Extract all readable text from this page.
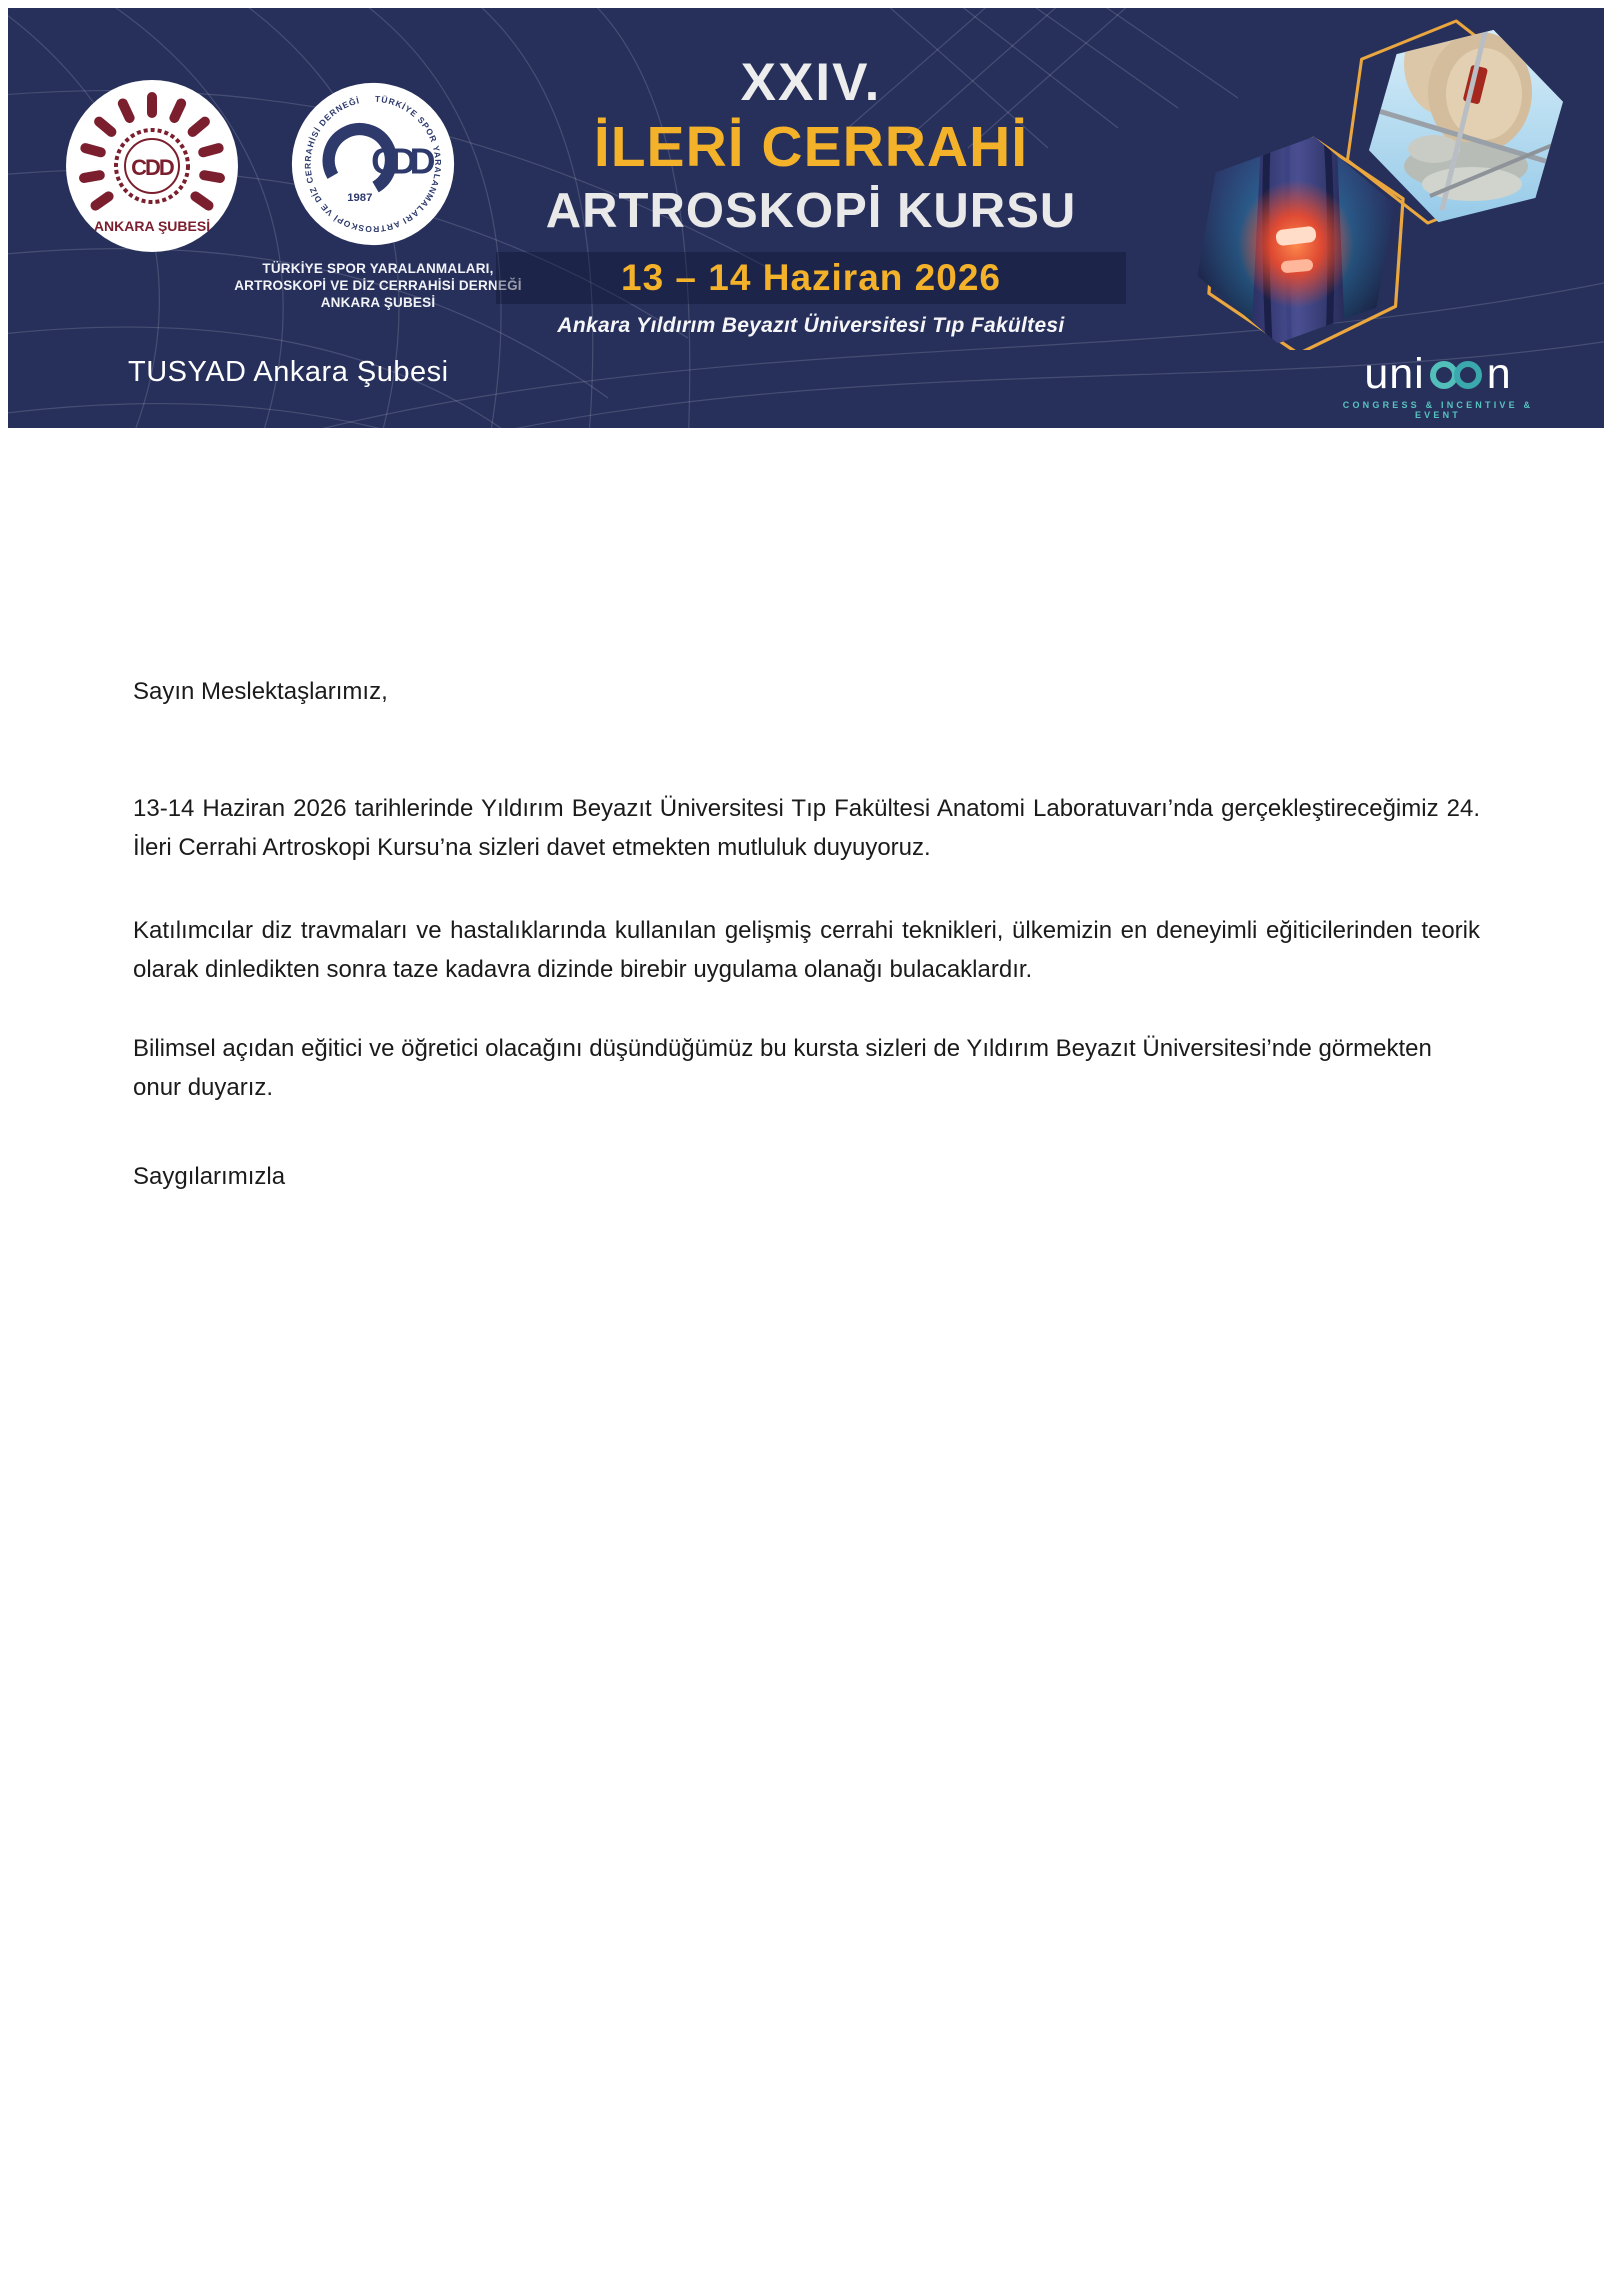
CDD
ANKARA ŞUBESİ
CDD
1987
TÜRKİYE SPOR YARALANMALARI ARTROSKOPİ VE DİZ CERRAHİSİ DERNEĞİ
TÜRKİYE SPOR YARALANMALARI,
ARTROSKOPİ VE DİZ CERRAHİSİ DERNEĞİ
ANKARA ŞUBESİ
TUSYAD Ankara Şubesi
XXIV.
İLERİ CERRAHİ
ARTROSKOPİ KURSU
13 – 14 Haziran 2026
Ankara Yıldırım Beyazıt Üniversitesi Tıp Fakültesi
uni n
CONGRESS & INCENTIVE & EVENT

Sayın Meslektaşlarımız,

13-14 Haziran 2026 tarihlerinde Yıldırım Beyazıt Üniversitesi Tıp Fakültesi Anatomi Laboratuvarı’nda gerçekleştireceğimiz 24. İleri Cerrahi Artroskopi Kursu’na sizleri davet etmekten mutluluk duyuyoruz.

Katılımcılar diz travmaları ve hastalıklarında kullanılan gelişmiş cerrahi teknikleri, ülkemizin en deneyimli eğiticilerinden teorik olarak dinledikten sonra taze kadavra dizinde birebir uygulama olanağı bulacaklardır.

Bilimsel açıdan eğitici ve öğretici olacağını düşündüğümüz bu kursta sizleri de Yıldırım Beyazıt Üniversitesi’nde görmekten onur duyarız.

Saygılarımızla
